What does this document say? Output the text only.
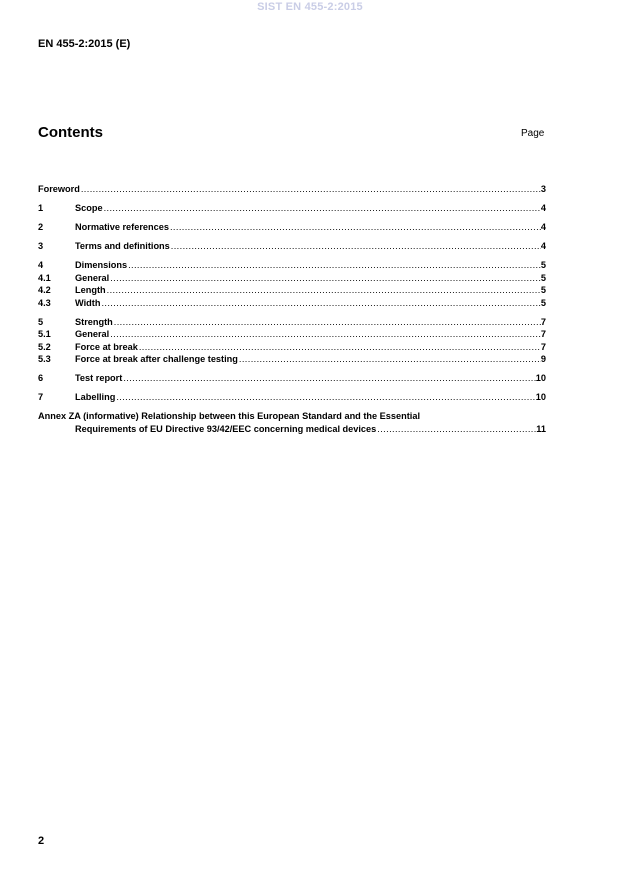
SIST EN 455-2:2015
EN 455-2:2015 (E)
Contents	Page
Foreword .....	3
1	Scope .....	4
2	Normative references .....	4
3	Terms and definitions .....	4
4	Dimensions .....	5
4.1	General .....	5
4.2	Length .....	5
4.3	Width .....	5
5	Strength .....	7
5.1	General .....	7
5.2	Force at break .....	7
5.3	Force at break after challenge testing .....	9
6	Test report .....	10
7	Labelling .....	10
Annex ZA (informative) Relationship between this European Standard and the Essential
Requirements of EU Directive 93/42/EEC concerning medical devices .....	11
2
